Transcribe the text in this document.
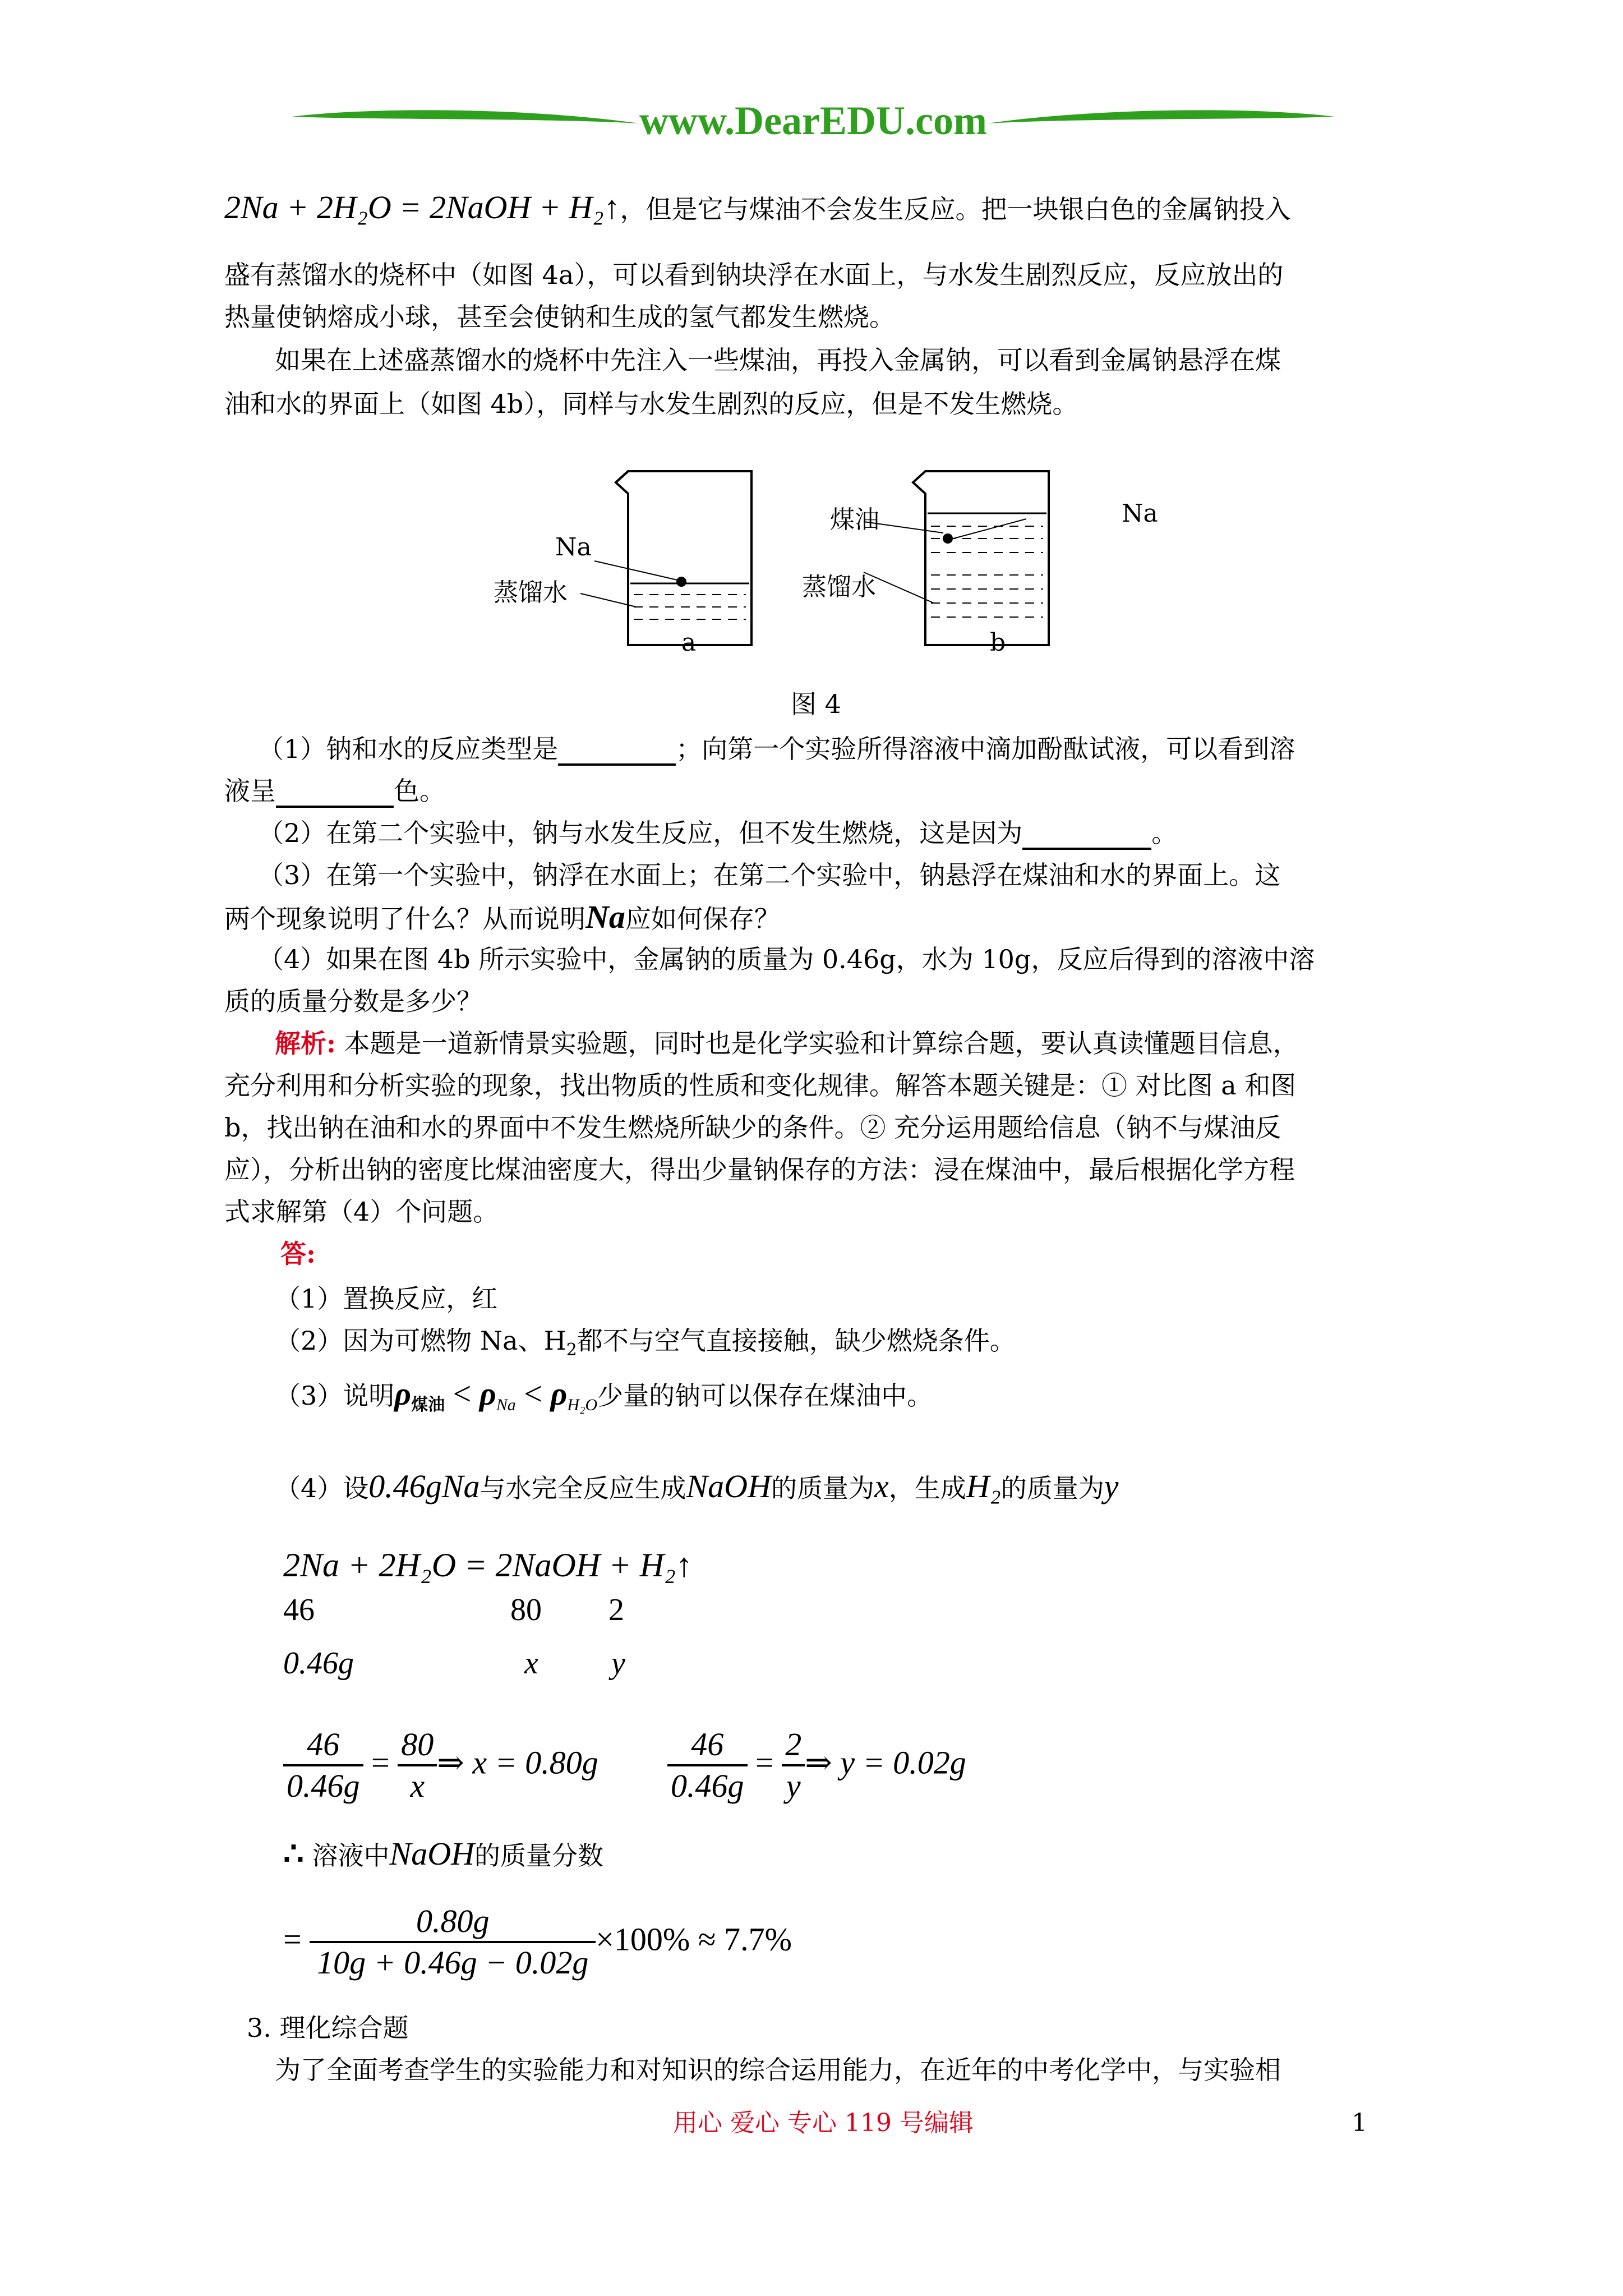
www.DearEDU.com
2Na + 2H₂O = 2NaOH + H₂↑，但是它与煤油不会发生反应。把一块银白色的金属钠投入
盛有蒸馏水的烧杯中（如图 4a），可以看到钠块浮在水面上，与水发生剧烈反应，反应放出的
热量使钠熔成小球，甚至会使钠和生成的氢气都发生燃烧。
如果在上述盛蒸馏水的烧杯中先注入一些煤油，再投入金属钠，可以看到金属钠悬浮在煤
油和水的界面上（如图 4b），同样与水发生剧烈的反应，但是不发生燃烧。
Na
蒸馏水
a
煤油	Na
蒸馏水
b
图 4
（1）钠和水的反应类型是	；向第一个实验所得溶液中滴加酚酞试液，可以看到溶
液呈	色。
（2）在第二个实验中，钠与水发生反应，但不发生燃烧，这是因为	。
（3）在第一个实验中，钠浮在水面上；在第二个实验中，钠悬浮在煤油和水的界面上。这
两个现象说明了什么？从而说明Na应如何保存？
（4）如果在图 4b 所示实验中，金属钠的质量为 0.46g，水为 10g，反应后得到的溶液中溶
质的质量分数是多少？
解析: 本题是一道新情景实验题，同时也是化学实验和计算综合题，要认真读懂题目信息，
充分利用和分析实验的现象，找出物质的性质和变化规律。解答本题关键是：① 对比图 a 和图
b，找出钠在油和水的界面中不发生燃烧所缺少的条件。② 充分运用题给信息（钠不与煤油反
应），分析出钠的密度比煤油密度大，得出少量钠保存的方法：浸在煤油中，最后根据化学方程
式求解第（4）个问题。
答:
（1）置换反应，红
（2）因为可燃物 Na、$H_2$都不与空气直接接触，缺少燃烧条件。
（3）说明$\rho_{煤油} < \rho_{Na} < \rho_{H_2O}$少量的钠可以保存在煤油中。
（4）设0.46gNa与水完全反应生成NaOH的质量为x，生成H₂的质量为y
2Na + 2H₂O = 2NaOH + H₂↑
46	80 2
0.46g	x y
$\frac{46}{0.46g} = \frac{80}{x}$ ⇒ $x = 0.80g \frac{46}{0.46g} = \frac{2}{y}$ ⇒ y = 0.02g
∴ 溶液中NaOH的质量分数
= $\frac{0.80g}{10g + 0.46g - 0.02g} \times 100\% \approx 7.7\%$
3. 理化综合题
为了全面考查学生的实验能力和对知识的综合运用能力，在近年的中考化学中，与实验相
用心 爱心 专心 119 号编辑	1
